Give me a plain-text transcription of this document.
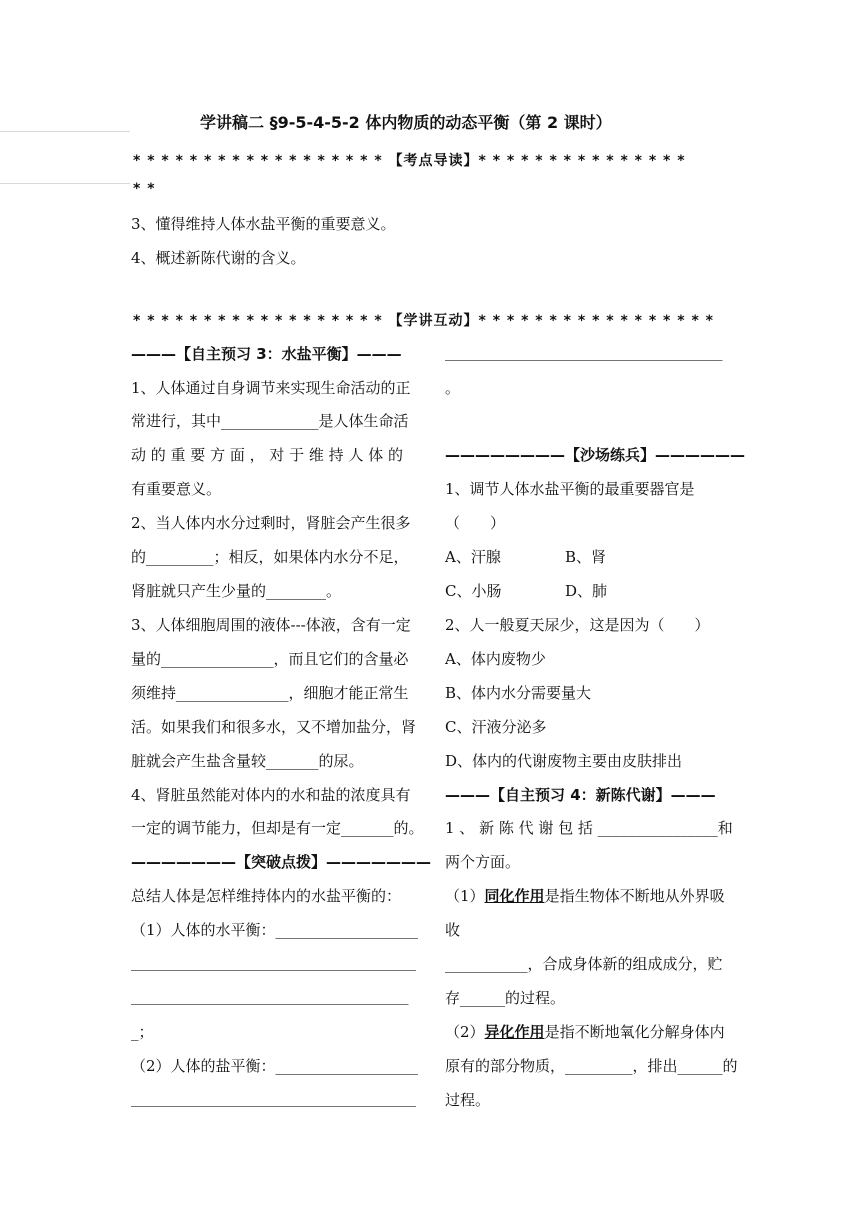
学讲稿二 §9-5-4-5-2 体内物质的动态平衡（第 2 课时）
* * * * * * * * * * * * * * * * * * 【考点导读】* * * * * * * * * * * * * * *
* *
3、懂得维持人体水盐平衡的重要意义。
4、概述新陈代谢的含义。
* * * * * * * * * * * * * * * * * * 【学讲互动】* * * * * * * * * * * * * * * * *
———【自主预习 3：水盐平衡】———
1、人体通过自身调节来实现生命活动的正
常进行，其中_____________是人体生命活
动 的 重 要 方 面 ， 对 于 维 持 人 体 的
有重要意义。
2、当人体内水分过剩时，肾脏会产生很多
的_________；相反，如果体内水分不足，
肾脏就只产生少量的________。
3、人体细胞周围的液体---体液，含有一定
量的_______________，而且它们的含量必
须维持_______________，细胞才能正常生
活。如果我们和很多水，又不增加盐分，肾
脏就会产生盐含量较_______的尿。
4、肾脏虽然能对体内的水和盐的浓度具有
一定的调节能力，但却是有一定_______的。
———————【突破点拨】———————
总结人体是怎样维持体内的水盐平衡的：
（1）人体的水平衡：___________________
______________________________________
_____________________________________
_；
（2）人体的盐平衡：___________________
______________________________________
_____________________________________
。
————————【沙场练兵】——————
1、调节人体水盐平衡的最重要器官是
（　　）
A、汗腺	B、肾
C、小肠	D、肺
2、人一般夏天尿少，这是因为（　　）
A、体内废物少
B、体内水分需要量大
C、汗液分泌多
D、体内的代谢废物主要由皮肤排出
———【自主预习 4：新陈代谢】———
1 、 新 陈 代 谢 包 括 ________________和
两个方面。
（1）同化作用是指生物体不断地从外界吸
收
___________，合成身体新的组成成分，贮
存______的过程。
（2）异化作用是指不断地氧化分解身体内
原有的部分物质，_________，排出______的
过程。
